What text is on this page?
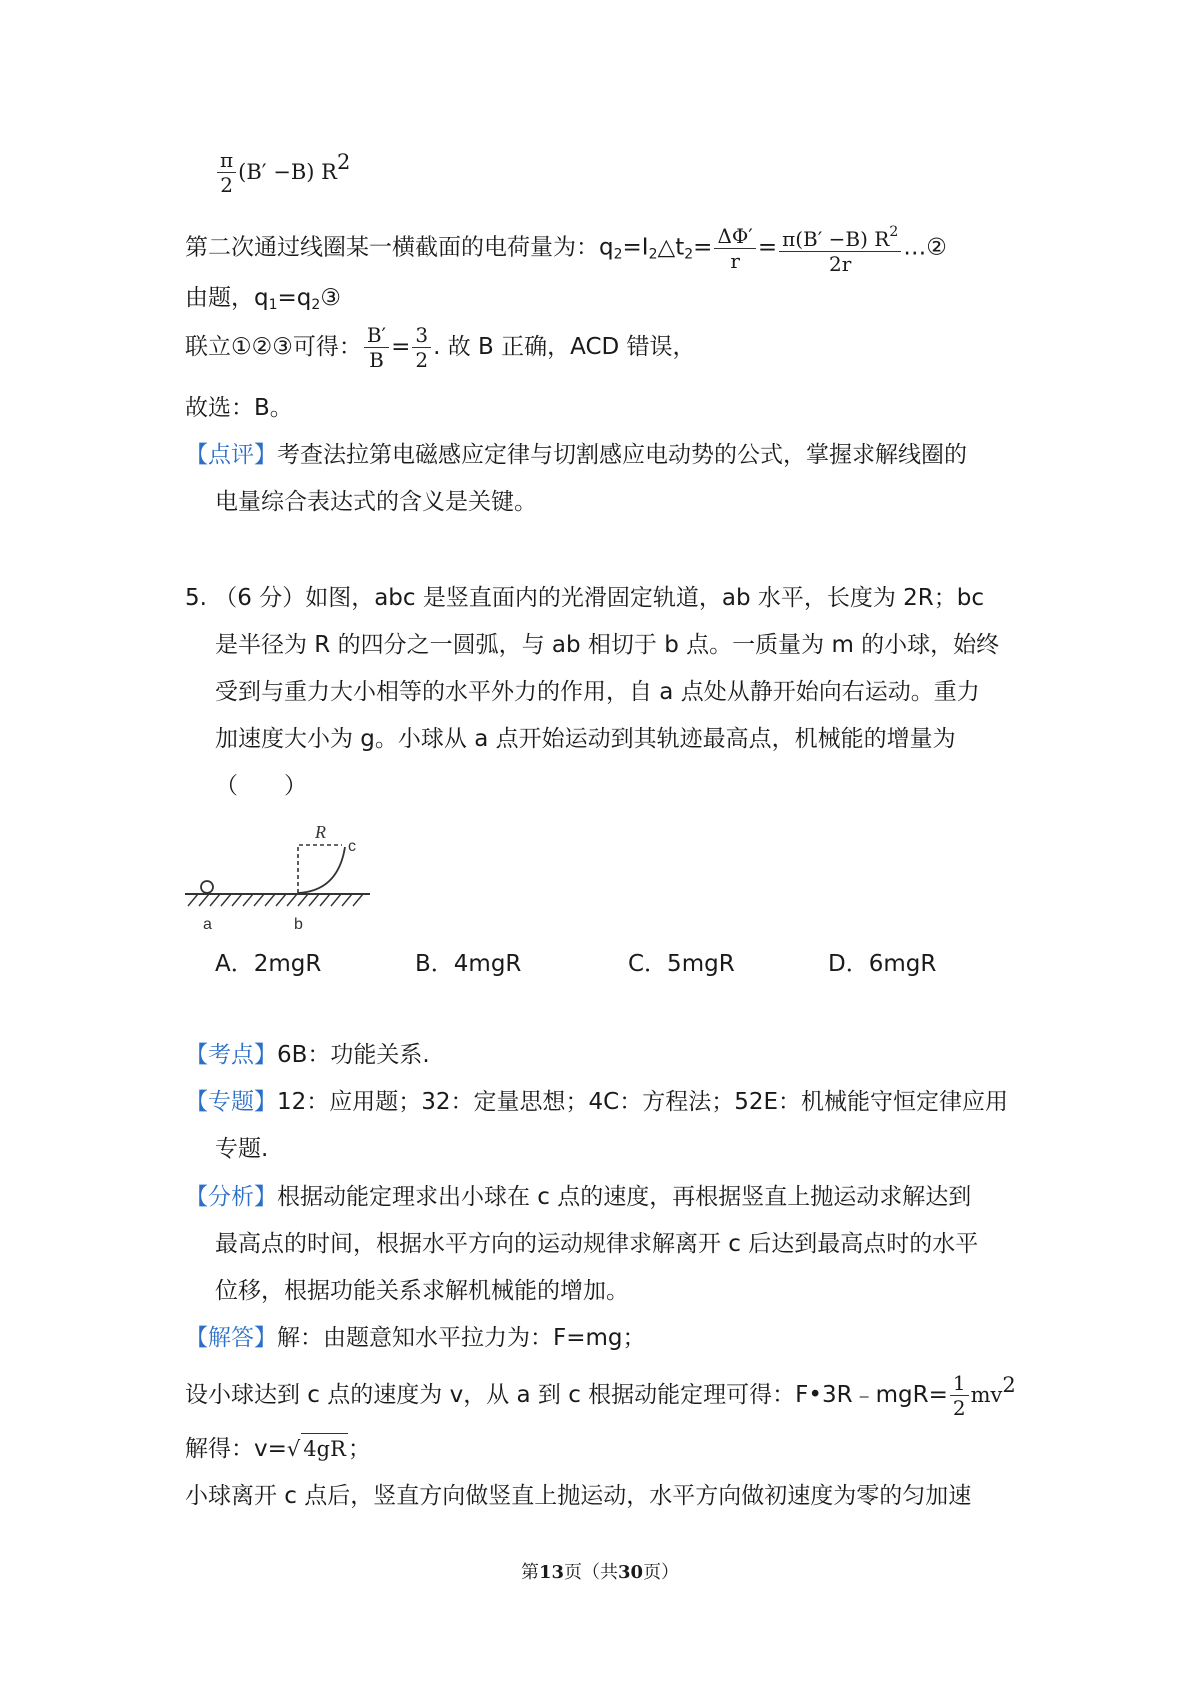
$\frac{\pi}{2} (B' -B)$ $R^2$
第二次通过线圈某一横截面的电荷量为：$q_2=I_2\triangle t_2= \frac{\Delta\Phi'}{r} = \frac{\pi(B' -B) R^2}{2r}$ …②
由题，$q_1=q_2③$
联立①②③可得： $\frac{B'}{B} = \frac{3}{2}$ . 故 B 正确，ACD 错误，
故选：B。
【点评】考查法拉第电磁感应定律与切割感应电动势的公式，掌握求解线圈的
电量综合表达式的含义是关键。
5. （6 分）如图，abc 是竖直面内的光滑固定轨道，ab 水平，长度为 2R；bc
是半径为 R 的四分之一圆弧，与 ab 相切于 b 点。一质量为 m 的小球，始终
受到与重力大小相等的水平外力的作用，自 a 点处从静开始向右运动。重力
加速度大小为 g。小球从 a 点开始运动到其轨迹最高点，机械能的增量为
（　　）
R
c
a	b
A．2mgR	B．4mgR	C．5mgR	D．6mgR
【考点】6B：功能关系.
【专题】12：应用题；32：定量思想；4C：方程法；52E：机械能守恒定律应用
专题.
【分析】根据动能定理求出小球在 c 点的速度，再根据竖直上抛运动求解达到
最高点的时间，根据水平方向的运动规律求解离开 c 后达到最高点时的水平
位移，根据功能关系求解机械能的增加。
【解答】解：由题意知水平拉力为：F=mg；
设小球达到 c 点的速度为 v，从 a 到 c 根据动能定理可得：F•3R﹣mgR= $\frac{1}{2} mv^2$
解得：v=√ 4gR；
小球离开 c 点后，竖直方向做竖直上抛运动，水平方向做初速度为零的匀加速
第13页（共30页）
